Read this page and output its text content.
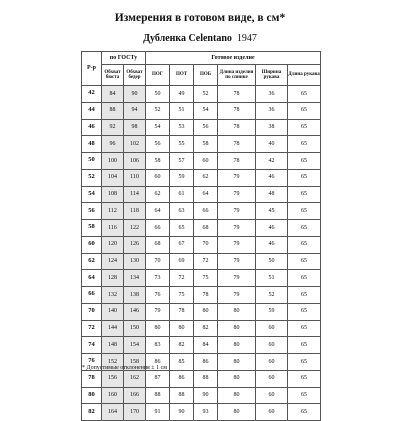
Измерения в готовом виде, в см*
Дубленка Celentano 1947
Р-р	по ГОСТу		Готовое изделие					
	Обхват бюста	Обхват бедер	ПОГ	ПОТ	ПОБ	Длина изделия по спинке	Ширина рукава	Длина рукава
42	84	90	50	49	52	78	36	65
44	88	94	52	51	54	78	36	65
46	92	98	54	53	56	78	38	65
48	96	102	56	55	58	78	40	65
50	100	106	58	57	60	78	42	65
52	104	110	60	59	62	79	46	65
54	108	114	62	61	64	79	48	65
56	112	118	64	63	66	79	45	65
58	116	122	66	65	68	79	46	65
60	120	126	68	67	70	79	46	65
62	124	130	70	69	72	79	50	65
64	128	134	73	72	75	79	51	65
66	132	138	76	75	78	79	52	65
70	140	146	79	78	80	80	59	65
72	144	150	80	80	82	80	60	65
74	148	154	83	82	84	80	60	65
76	152	158	86	85	86	80	60	65
78	156	162	87	86	88	80	60	65
80	160	166	88	88	90	80	60	65
82	164	170	91	90	93	80	60	65
* Допустимые отклонения ± 1 см
